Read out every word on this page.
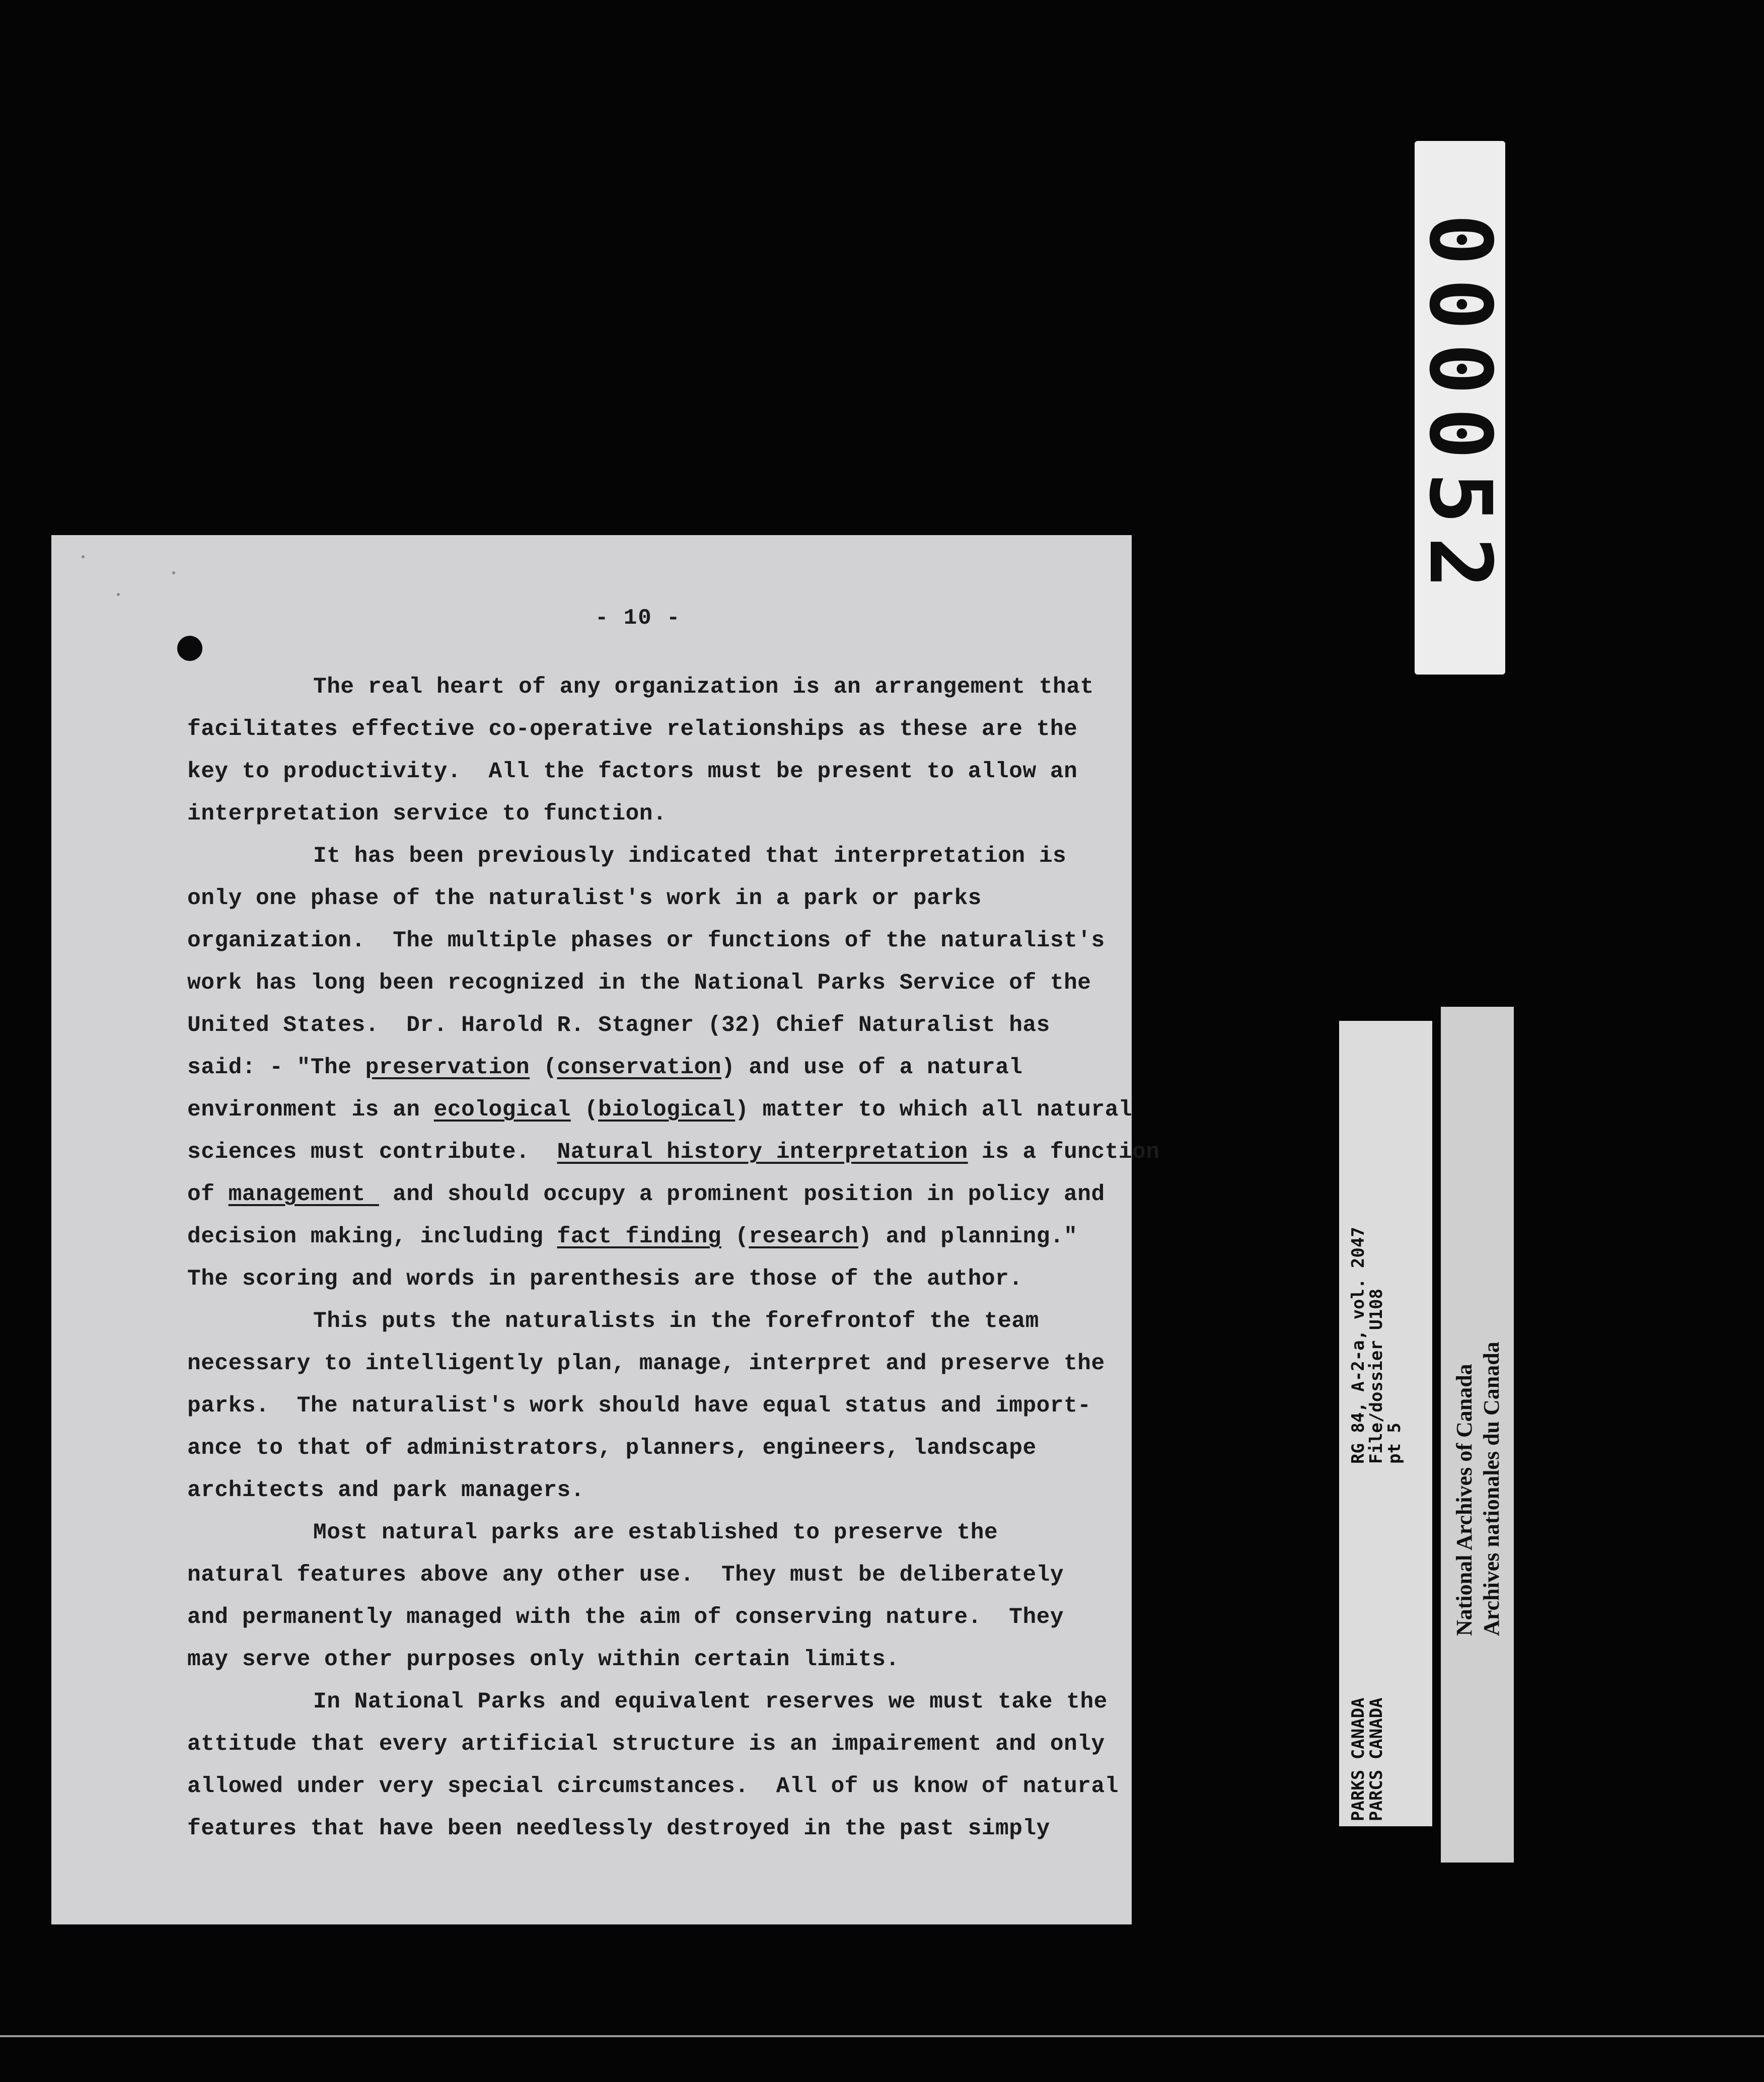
- 10 -
The real heart of any organization is an arrangement that
facilitates effective co-operative relationships as these are the
key to productivity.  All the factors must be present to allow an
interpretation service to function.
It has been previously indicated that interpretation is
only one phase of the naturalist's work in a park or parks
organization.  The multiple phases or functions of the naturalist's
work has long been recognized in the National Parks Service of the
United States.  Dr. Harold R. Stagner (32) Chief Naturalist has
said: - "The preservation (conservation) and use of a natural
environment is an ecological (biological) matter to which all natural
sciences must contribute.  Natural history interpretation is a function
of management  and should occupy a prominent position in policy and
decision making, including fact finding (research) and planning."
The scoring and words in parenthesis are those of the author.
This puts the naturalists in the forefrontof the team
necessary to intelligently plan, manage, interpret and preserve the
parks.  The naturalist's work should have equal status and import-
ance to that of administrators, planners, engineers, landscape
architects and park managers.
Most natural parks are established to preserve the
natural features above any other use.  They must be deliberately
and permanently managed with the aim of conserving nature.  They
may serve other purposes only within certain limits.
In National Parks and equivalent reserves we must take the
attitude that every artificial structure is an impairement and only
allowed under very special circumstances.  All of us know of natural
features that have been needlessly destroyed in the past simply
000052
RG 84, A-2-a, vol. 2047
File/dossier U108
pt 5
PARKS CANADA
PARCS CANADA
National Archives of Canada Archives nationales du Canada
